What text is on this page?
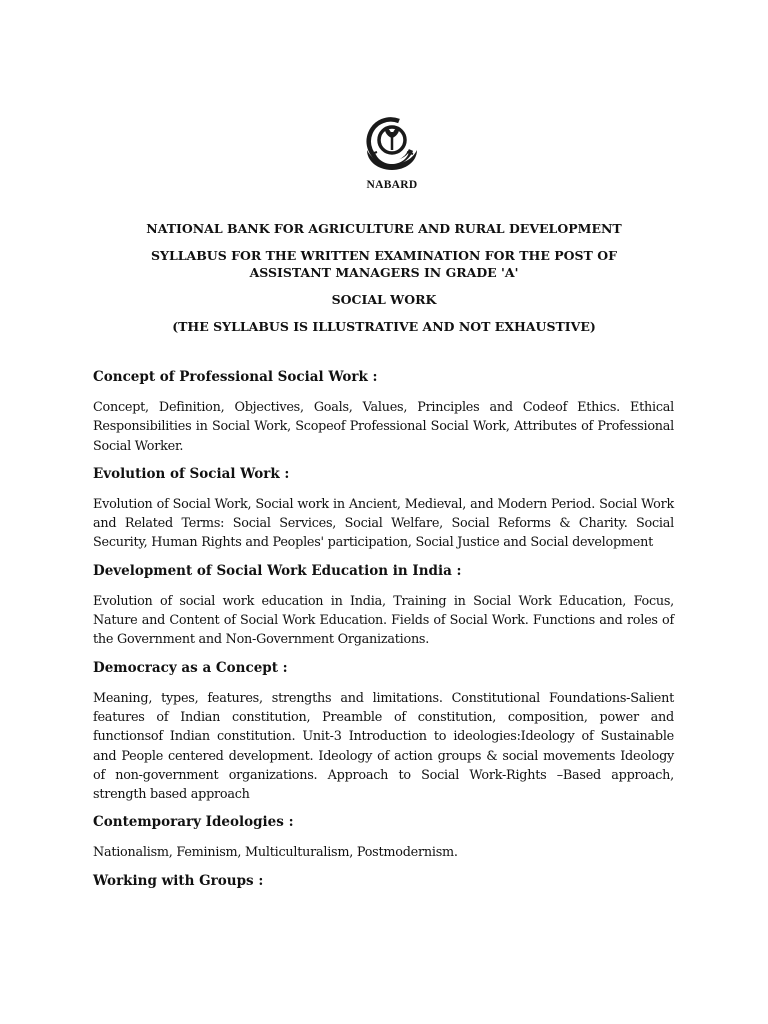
NABARD
NATIONAL BANK FOR AGRICULTURE AND RURAL DEVELOPMENT
SYLLABUS FOR THE WRITTEN EXAMINATION FOR THE POST OF ASSISTANT MANAGERS IN GRADE 'A'
SOCIAL WORK
(THE SYLLABUS IS ILLUSTRATIVE AND NOT EXHAUSTIVE)
Concept of Professional Social Work :
Concept, Definition, Objectives, Goals, Values, Principles and Codeof Ethics. Ethical Responsibilities in Social Work, Scopeof Professional Social Work, Attributes of Professional Social Worker.
Evolution of Social Work :
Evolution of Social Work, Social work in Ancient, Medieval, and Modern Period. Social Work and Related Terms: Social Services, Social Welfare, Social Reforms & Charity. Social Security, Human Rights and Peoples' participation, Social Justice and Social development
Development of Social Work Education in India :
Evolution of social work education in India, Training in Social Work Education, Focus, Nature and Content of Social Work Education. Fields of Social Work. Functions and roles of the Government and Non-Government Organizations.
Democracy as a Concept :
Meaning, types, features, strengths and limitations. Constitutional Foundations-Salient features of Indian constitution, Preamble of constitution, composition, power and functionsof Indian constitution. Unit-3 Introduction to ideologies:Ideology of Sustainable and People centered development. Ideology of action groups & social movements Ideology of non-government organizations. Approach to Social Work-Rights –Based approach, strength based approach
Contemporary Ideologies :
Nationalism, Feminism, Multiculturalism, Postmodernism.
Working with Groups :
